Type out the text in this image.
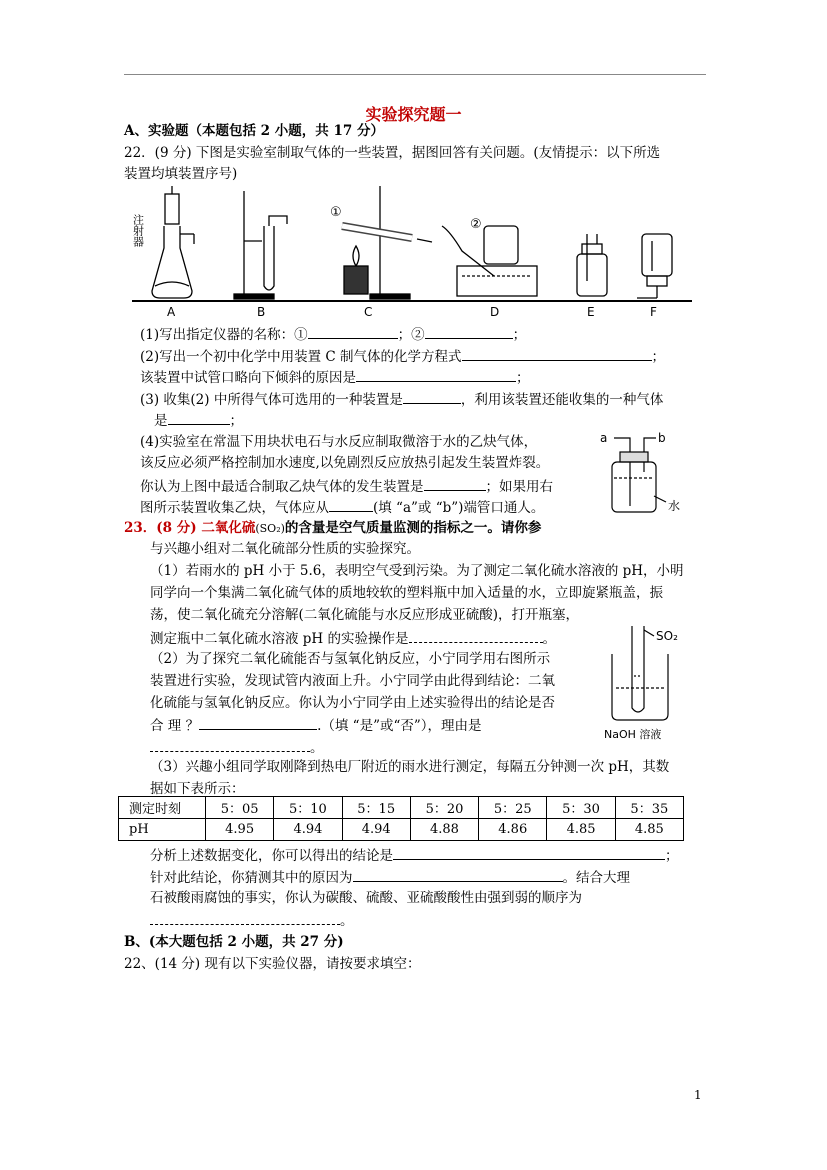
实验探究题一
A、实验题（本题包括 2 小题，共 17 分）
22．(9 分) 下图是实验室制取气体的一些装置，据图回答有关问题。(友情提示：以下所选
装置均填装置序号)
注射器
①
②
A	B	C	D	E	F
(1)写出指定仪器的名称：①	；②	；
(2)写出一个初中化学中用装置 C 制气体的化学方程式	；
该装置中试管口略向下倾斜的原因是	；
(3) 收集(2) 中所得气体可选用的一种装置是	，利用该装置还能收集的一种气体
是	；
(4)实验室在常温下用块状电石与水反应制取微溶于水的乙炔气体，
该反应必须严格控制加水速度,以免剧烈反应放热引起发生装置炸裂。
你认为上图中最适合制取乙炔气体的发生装置是	；如果用右
图所示装置收集乙炔，气体应从	(填 “a”或 “b”)端管口通人。
a	b
水
23．(8 分) 二氧化硫(SO₂)的含量是空气质量监测的指标之一。请你参
与兴趣小组对二氧化硫部分性质的实验探究。
（1）若雨水的 pH 小于 5.6，表明空气受到污染。为了测定二氧化硫水溶液的 pH，小明
同学向一个集满二氧化硫气体的质地较软的塑料瓶中加入适量的水，立即旋紧瓶盖，振
荡，使二氧化硫充分溶解(二氧化硫能与水反应形成亚硫酸)，打开瓶塞，
测定瓶中二氧化硫水溶液 pH 的实验操作是	。
（2）为了探究二氧化硫能否与氢氧化钠反应，小宁同学用右图所示
装置进行实验，发现试管内液面上升。小宁同学由此得到结论：二氧
化硫能与氢氧化钠反应。你认为小宁同学由上述实验得出的结论是否
合 理 ？	.（填 “是”或“否”），理由是
。
SO₂
NaOH 溶液
（3）兴趣小组同学取刚降到热电厂附近的雨水进行测定，每隔五分钟测一次 pH，其数
据如下表所示：
测定时刻	5：05	5：10	5：15	5：20	5：25	5：30	5：35
pH	4.95	4.94	4.94	4.88	4.86	4.85	4.85
分析上述数据变化，你可以得出的结论是	；
针对此结论，你猜测其中的原因为	。结合大理
石被酸雨腐蚀的事实，你认为碳酸、硫酸、亚硫酸酸性由强到弱的顺序为
。
B、(本大题包括 2 小题，共 27 分)
22、(14 分) 现有以下实验仪器，请按要求填空：
1
